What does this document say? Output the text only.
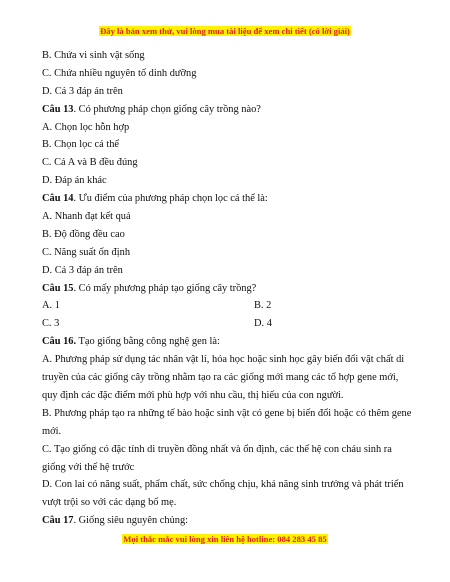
Đây là bản xem thử, vui lòng mua tài liệu để xem chi tiết (có lời giải)
B. Chứa vi sinh vật sống
C. Chứa nhiều nguyên tố dinh dưỡng
D. Cả 3 đáp án trên
Câu 13. Có phương pháp chọn giống cây trồng nào?
A. Chọn lọc hỗn hợp
B. Chọn lọc cá thể
C. Cả A và B đều đúng
D. Đáp án khác
Câu 14. Ưu điểm của phương pháp chọn lọc cá thể là:
A. Nhanh đạt kết quả
B. Độ đồng đều cao
C. Năng suất ổn định
D. Cả 3 đáp án trên
Câu 15. Có mấy phương pháp tạo giống cây trồng?
A. 1	B. 2
C. 3	D. 4
Câu 16. Tạo giống bằng công nghệ gen là:
A. Phương pháp sử dụng tác nhân vật lí, hóa học hoặc sinh học gây biến đổi vật chất di truyền của các giống cây trồng nhằm tạo ra các giống mới mang các tổ hợp gene mới, quy định các đặc điểm mới phù hợp với nhu cầu, thị hiếu của con người.
B. Phương pháp tạo ra những tế bào hoặc sinh vật có gene bị biến đổi hoặc có thêm gene mới.
C. Tạo giống có đặc tính di truyền đồng nhất và ổn định, các thế hệ con cháu sinh ra giống với thế hệ trước
D. Con lai có năng suất, phẩm chất, sức chống chịu, khả năng sinh trưởng và phát triển vượt trội so với các dạng bố mẹ.
Câu 17. Giống siêu nguyên chủng:
Mọi thắc mắc vui lòng xin liên hệ hotline: 084 283 45 85
